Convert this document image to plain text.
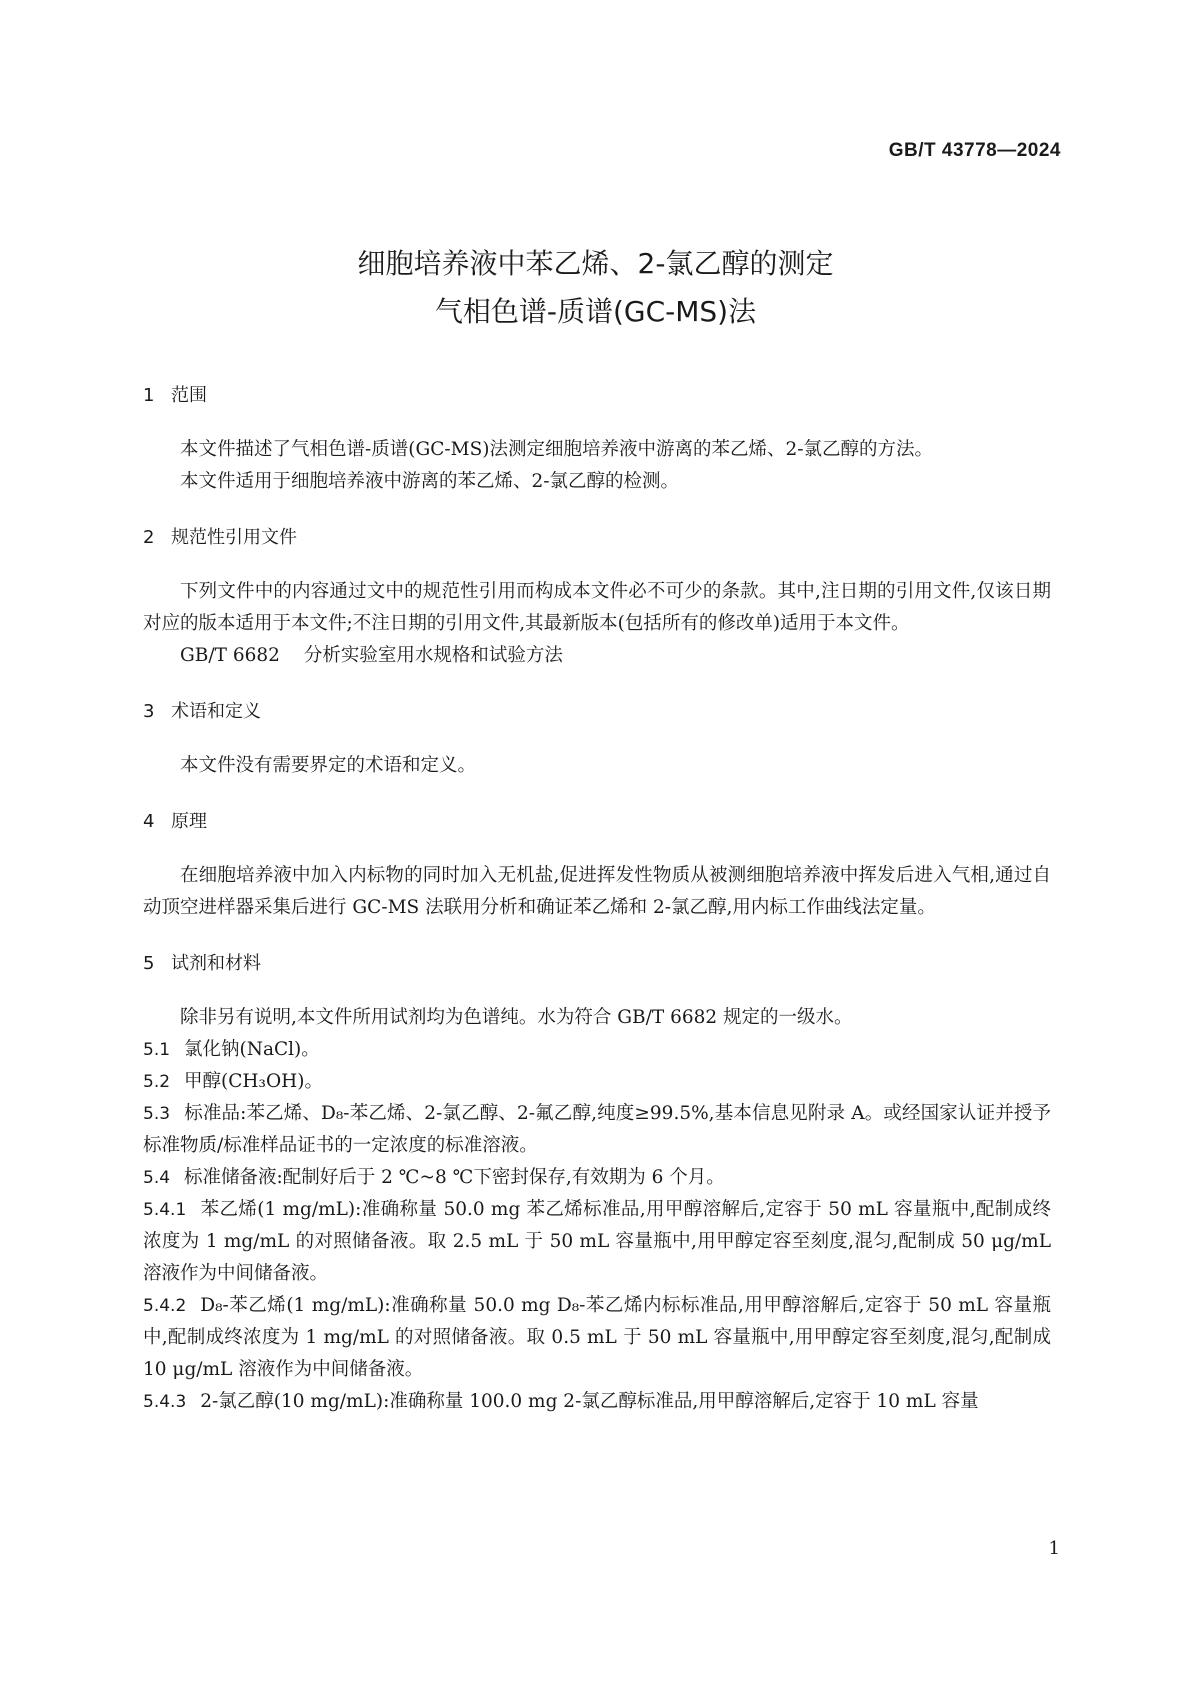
GB/T 43778—2024
细胞培养液中苯乙烯、2-氯乙醇的测定
气相色谱-质谱(GC-MS)法
1 范围

本文件描述了气相色谱-质谱(GC-MS)法测定细胞培养液中游离的苯乙烯、2-氯乙醇的方法。

本文件适用于细胞培养液中游离的苯乙烯、2-氯乙醇的检测。

2 规范性引用文件

下列文件中的内容通过文中的规范性引用而构成本文件必不可少的条款。其中,注日期的引用文件,仅该日期对应的版本适用于本文件;不注日期的引用文件,其最新版本(包括所有的修改单)适用于本文件。

GB/T 6682 分析实验室用水规格和试验方法

3 术语和定义

本文件没有需要界定的术语和定义。

4 原理

在细胞培养液中加入内标物的同时加入无机盐,促进挥发性物质从被测细胞培养液中挥发后进入气相,通过自动顶空进样器采集后进行 GC-MS 法联用分析和确证苯乙烯和 2-氯乙醇,用内标工作曲线法定量。

5 试剂和材料

除非另有说明,本文件所用试剂均为色谱纯。水为符合 GB/T 6682 规定的一级水。

5.1 氯化钠(NaCl)。

5.2 甲醇(CH₃OH)。

5.3 标准品:苯乙烯、D₈-苯乙烯、2-氯乙醇、2-氟乙醇,纯度≥99.5%,基本信息见附录 A。或经国家认证并授予标准物质/标准样品证书的一定浓度的标准溶液。

5.4 标准储备液:配制好后于 2 ℃~8 ℃下密封保存,有效期为 6 个月。

5.4.1 苯乙烯(1 mg/mL):准确称量 50.0 mg 苯乙烯标准品,用甲醇溶解后,定容于 50 mL 容量瓶中,配制成终浓度为 1 mg/mL 的对照储备液。取 2.5 mL 于 50 mL 容量瓶中,用甲醇定容至刻度,混匀,配制成 50 μg/mL 溶液作为中间储备液。

5.4.2 D₈-苯乙烯(1 mg/mL):准确称量 50.0 mg D₈-苯乙烯内标标准品,用甲醇溶解后,定容于 50 mL 容量瓶中,配制成终浓度为 1 mg/mL 的对照储备液。取 0.5 mL 于 50 mL 容量瓶中,用甲醇定容至刻度,混匀,配制成 10 μg/mL 溶液作为中间储备液。

5.4.3 2-氯乙醇(10 mg/mL):准确称量 100.0 mg 2-氯乙醇标准品,用甲醇溶解后,定容于 10 mL 容量

1
